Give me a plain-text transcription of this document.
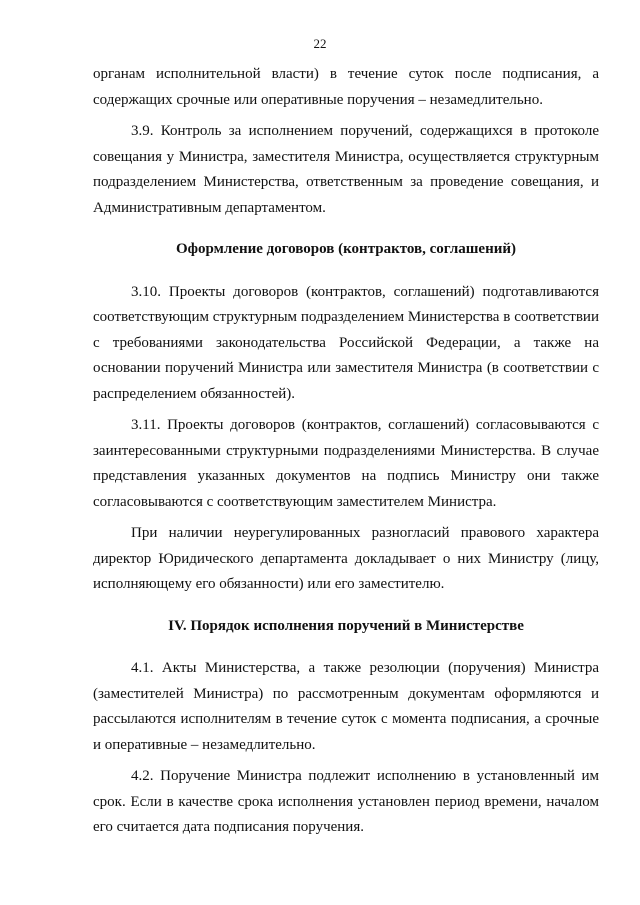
22

органам исполнительной власти) в течение суток после подписания, а содержащих срочные или оперативные поручения – незамедлительно.

3.9. Контроль за исполнением поручений, содержащихся в протоколе совещания у Министра, заместителя Министра, осуществляется структурным подразделением Министерства, ответственным за проведение совещания, и Административным департаментом.

Оформление договоров (контрактов, соглашений)

3.10. Проекты договоров (контрактов, соглашений) подготавливаются соответствующим структурным подразделением Министерства в соответствии с требованиями законодательства Российской Федерации, а также на основании поручений Министра или заместителя Министра (в соответствии с распределением обязанностей).

3.11. Проекты договоров (контрактов, соглашений) согласовываются с заинтересованными структурными подразделениями Министерства. В случае представления указанных документов на подпись Министру они также согласовываются с соответствующим заместителем Министра.

При наличии неурегулированных разногласий правового характера директор Юридического департамента докладывает о них Министру (лицу, исполняющему его обязанности) или его заместителю.

IV. Порядок исполнения поручений в Министерстве

4.1. Акты Министерства, а также резолюции (поручения) Министра (заместителей Министра) по рассмотренным документам оформляются и рассылаются исполнителям в течение суток с момента подписания, а срочные и оперативные – незамедлительно.

4.2. Поручение Министра подлежит исполнению в установленный им срок. Если в качестве срока исполнения установлен период времени, началом его считается дата подписания поручения.
